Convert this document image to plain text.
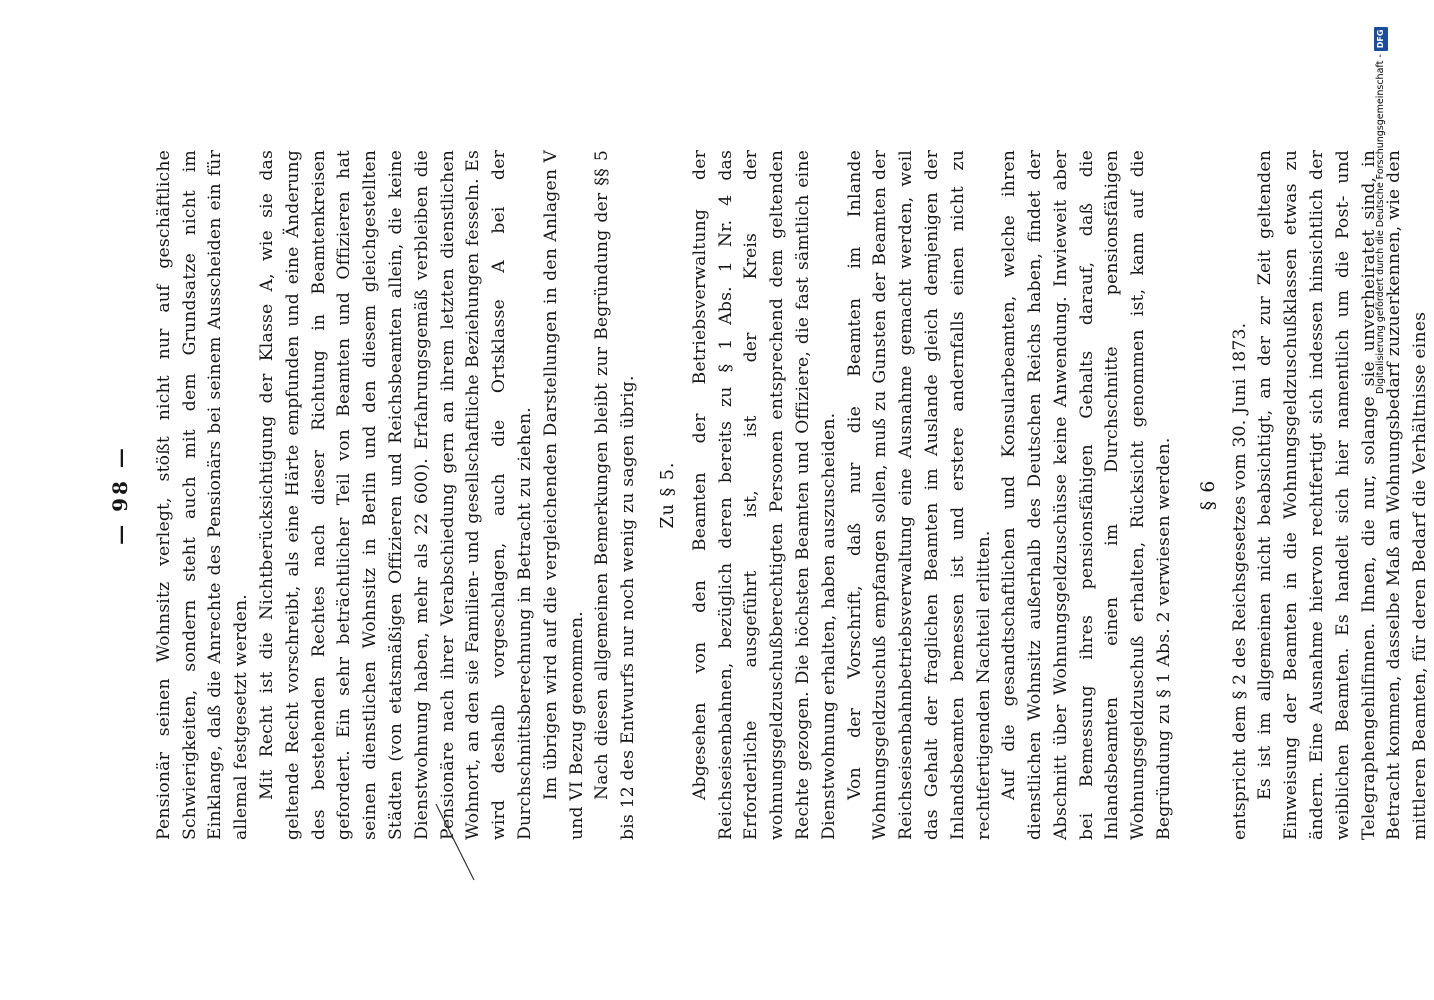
— 98 — Pensionär seinen Wohnsitz verlegt, stößt nicht nur auf geschäftliche Schwierigkeiten, sondern steht auch mit dem Grundsatze nicht im Einklange, daß die Anrechte des Pensionärs bei seinem Ausscheiden ein für allemal festgesetzt werden. Mit Recht ist die Nichtberücksichtigung der Klasse A, wie sie das geltende Recht vorschreibt, als eine Härte empfunden und eine Änderung des bestehenden Rechtes nach dieser Richtung in Beamtenkreisen gefordert. Ein sehr beträchtlicher Teil von Beamten und Offizieren hat seinen dienstlichen Wohnsitz in Berlin und den diesem gleichgestellten Städten (von etatsmäßigen Offizieren und Reichsbeamten allein, die keine Dienstwohnung haben, mehr als 22 600). Erfahrungsgemäß verbleiben die Pensionäre nach ihrer Verabschiedung gern an ihrem letzten dienstlichen Wohnort, an den sie Familien- und gesellschaftliche Beziehungen fesseln. Es wird deshalb vorgeschlagen, auch die Ortsklasse A bei der Durchschnittsberechnung in Betracht zu ziehen. Im übrigen wird auf die vergleichenden Darstellungen in den Anlagen V und VI Bezug genommen. Nach diesen allgemeinen Bemerkungen bleibt zur Begründung der §§ 5 bis 12 des Entwurfs nur noch wenig zu sagen übrig. Zu § 5. Abgesehen von den Beamten der Betriebsverwaltung der Reichseisenbahnen, bezüglich deren bereits zu § 1 Abs. 1 Nr. 4 das Erforderliche ausgeführt ist, ist der Kreis der wohnungsgeldzuschußberechtigten Personen entsprechend dem geltenden Rechte gezogen. Die höchsten Beamten und Offiziere, die fast sämtlich eine Dienstwohnung erhalten, haben auszuscheiden. Von der Vorschrift, daß nur die Beamten im Inlande Wohnungsgeldzuschuß empfangen sollen, muß zu Gunsten der Beamten der Reichseisenbahnbetriebsverwaltung eine Ausnahme gemacht werden, weil das Gehalt der fraglichen Beamten im Auslande gleich demjenigen der Inlandsbeamten bemessen ist und erstere andernfalls einen nicht zu rechtfertigenden Nachteil erlitten. Auf die gesandtschaftlichen und Konsularbeamten, welche ihren dienstlichen Wohnsitz außerhalb des Deutschen Reichs haben, findet der Abschnitt über Wohnungsgeldzuschüsse keine Anwendung. Inwieweit aber bei Bemessung ihres pensionsfähigen Gehalts darauf, daß die Inlandsbeamten einen im Durchschnitte pensionsfähigen Wohnungsgeldzuschuß erhalten, Rücksicht genommen ist, kann auf die Begründung zu § 1 Abs. 2 verwiesen werden. § 6 entspricht dem § 2 des Reichsgesetzes vom 30. Juni 1873. Es ist im allgemeinen nicht beabsichtigt, an der zur Zeit geltenden Einweisung der Beamten in die Wohnungsgeldzuschußklassen etwas zu ändern. Eine Ausnahme hiervon rechtfertigt sich indessen hinsichtlich der weiblichen Beamten. Es handelt sich hier namentlich um die Post- und Telegraphengehilfinnen. Ihnen, die nur, solange sie unverheiratet sind, in Betracht kommen, dasselbe Maß an Wohnungsbedarf zuzuerkennen, wie den mittleren Beamten, für deren Bedarf die Verhältnisse eines

Digitalisierung gefördert durch die Deutsche Forschungsgemeinschaft -DFG
